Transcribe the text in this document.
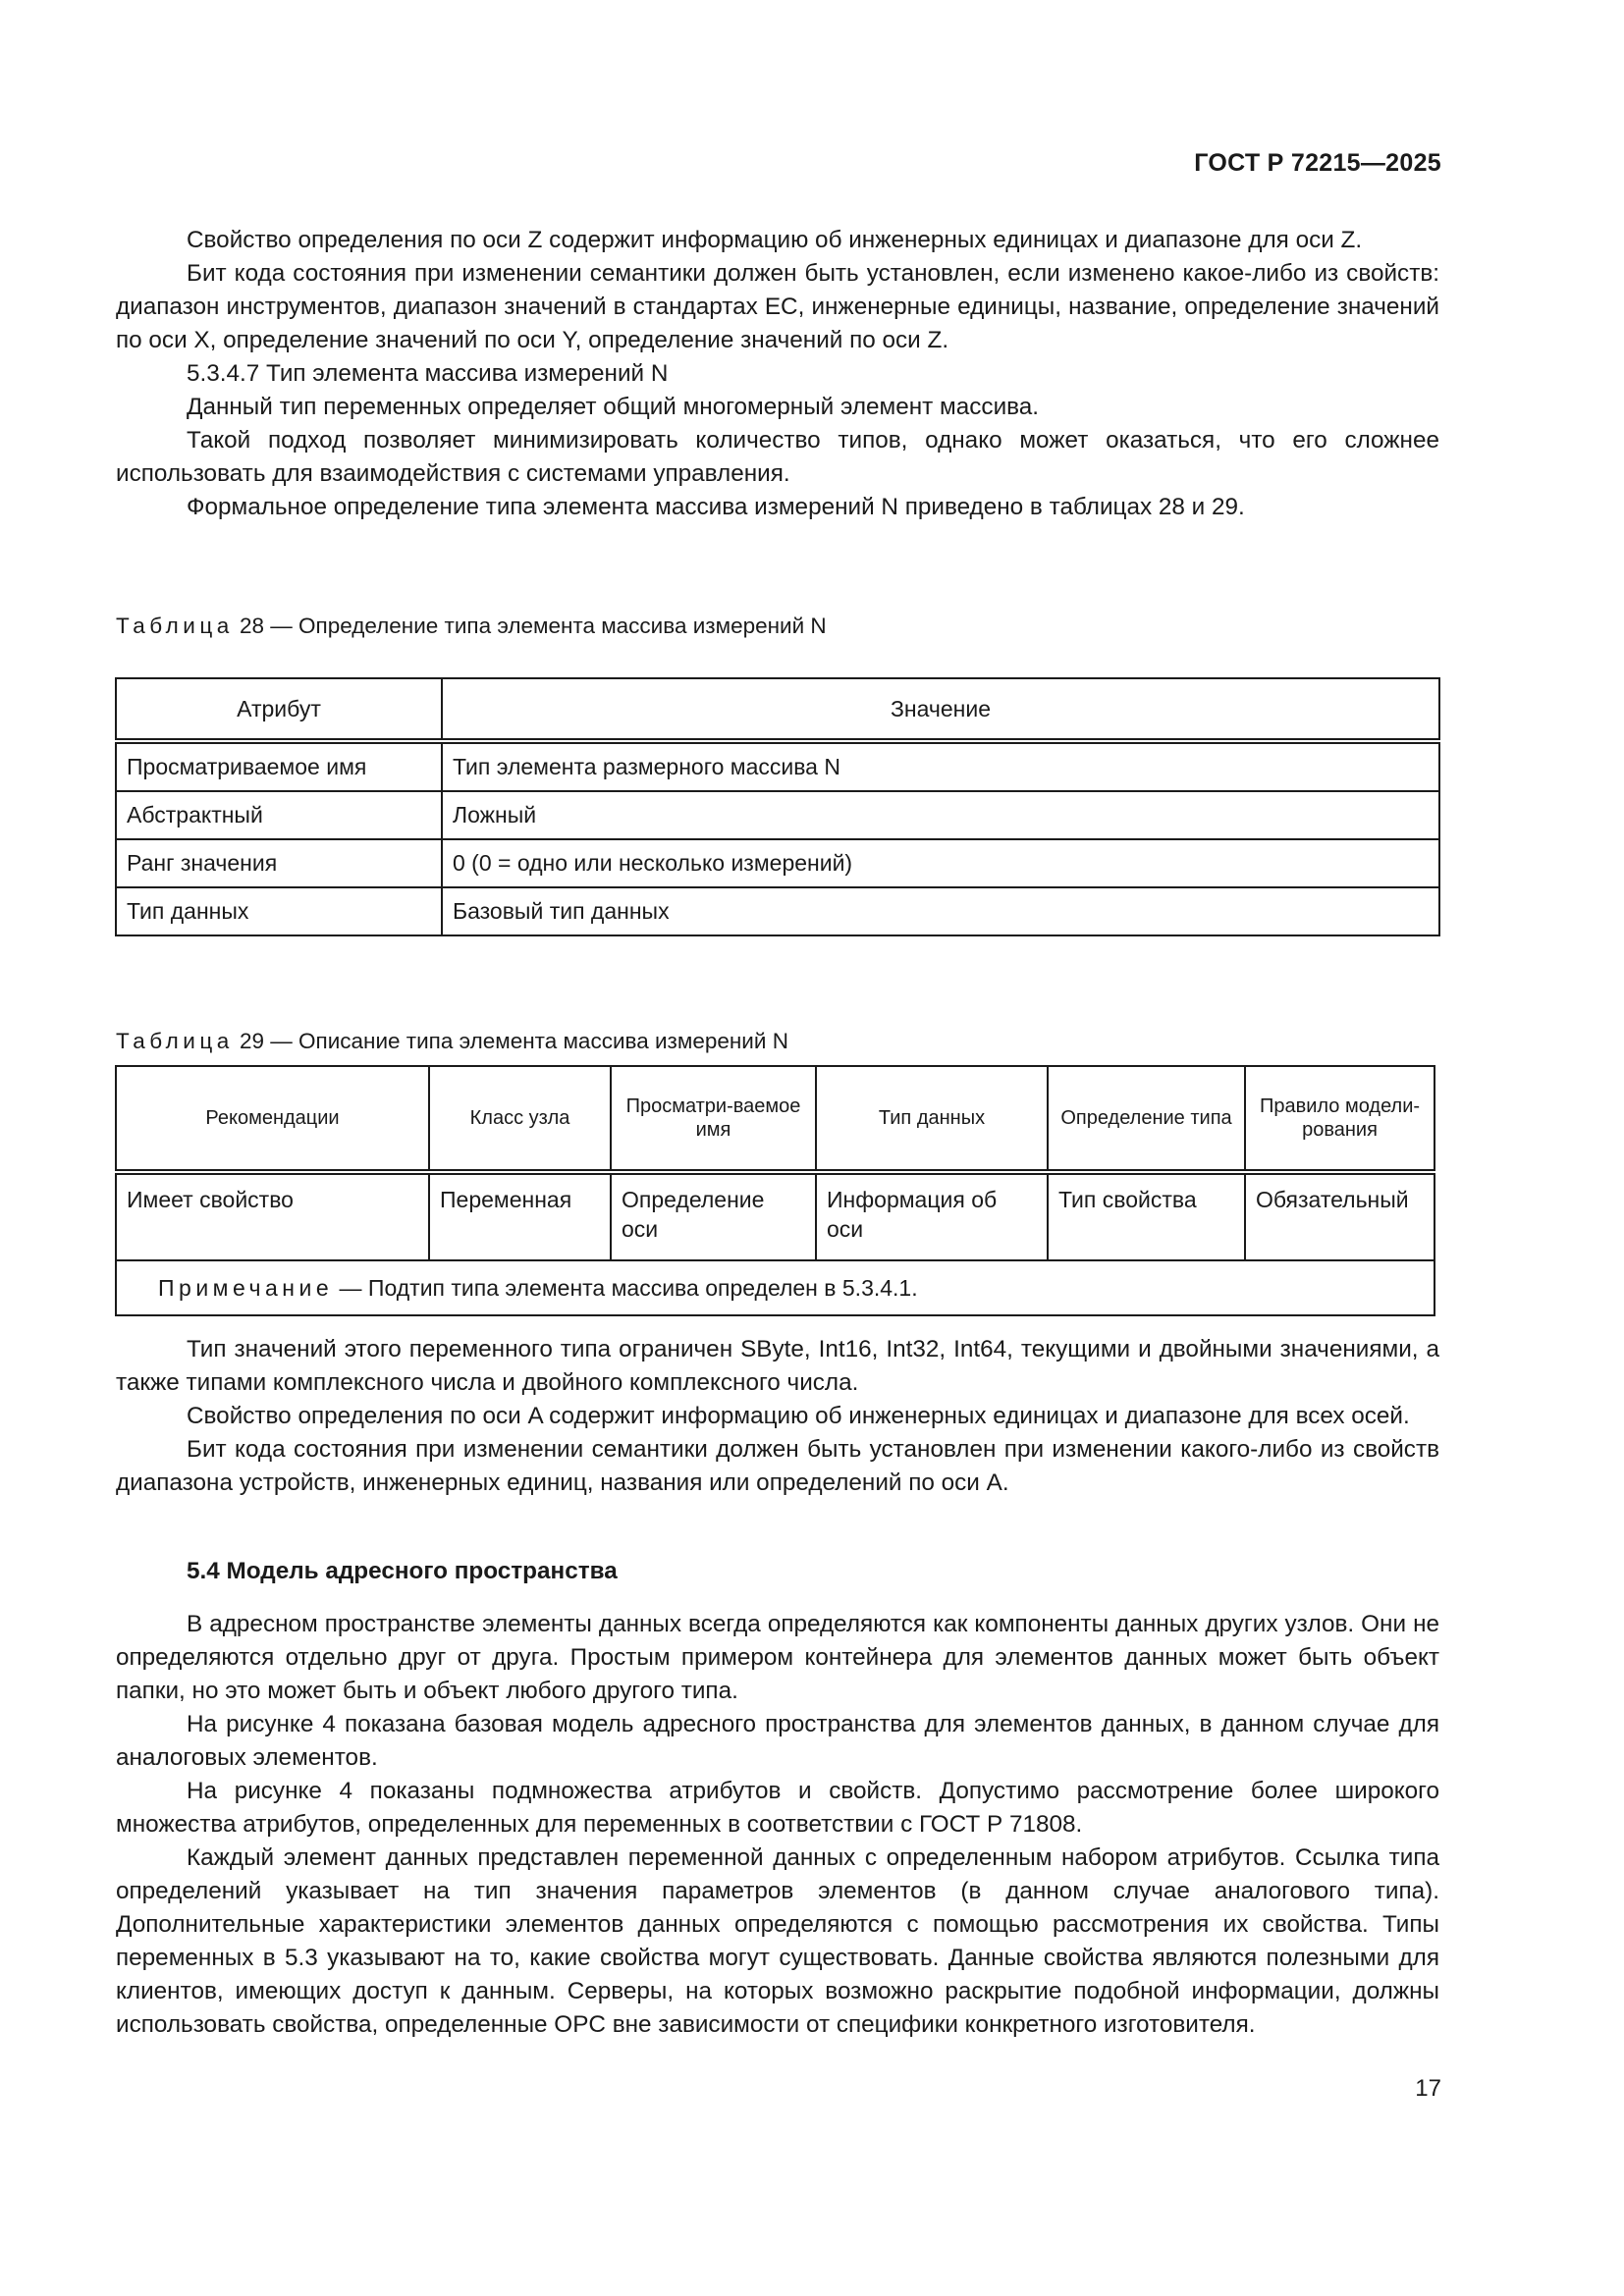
ГОСТ Р 72215—2025

Свойство определения по оси Z содержит информацию об инженерных единицах и диапазоне для оси Z.

Бит кода состояния при изменении семантики должен быть установлен, если изменено какое-либо из свойств: диапазон инструментов, диапазон значений в стандартах EC, инженерные единицы, название, определение значений по оси X, определение значений по оси Y, определение значений по оси Z.

5.3.4.7 Тип элемента массива измерений N

Данный тип переменных определяет общий многомерный элемент массива.

Такой подход позволяет минимизировать количество типов, однако может оказаться, что его сложнее использовать для взаимодействия с системами управления.

Формальное определение типа элемента массива измерений N приведено в таблицах 28 и 29.

Таблица 28 — Определение типа элемента массива измерений N
Атрибут	Значение
Просматриваемое имя	Тип элемента размерного массива N
Абстрактный	Ложный
Ранг значения	0 (0 = одно или несколько измерений)
Тип данных	Базовый тип данных
Таблица 29 — Описание типа элемента массива измерений N
Рекомендации	Класс узла	Просматри-ваемое имя	Тип данных	Определение типа	Правило модели-рования
Имеет свойство	Переменная	Определение оси	Информация об оси	Тип свойства	Обязательный
Примечание — Подтип типа элемента массива определен в 5.3.4.1.					

Тип значений этого переменного типа ограничен SByte, Int16, Int32, Int64, текущими и двойными значениями, а также типами комплексного числа и двойного комплексного числа.

Свойство определения по оси A содержит информацию об инженерных единицах и диапазоне для всех осей.

Бит кода состояния при изменении семантики должен быть установлен при изменении какого-либо из свойств диапазона устройств, инженерных единиц, названия или определений по оси A.

5.4 Модель адресного пространства

В адресном пространстве элементы данных всегда определяются как компоненты данных других узлов. Они не определяются отдельно друг от друга. Простым примером контейнера для элементов данных может быть объект папки, но это может быть и объект любого другого типа.

На рисунке 4 показана базовая модель адресного пространства для элементов данных, в данном случае для аналоговых элементов.

На рисунке 4 показаны подмножества атрибутов и свойств. Допустимо рассмотрение более широкого множества атрибутов, определенных для переменных в соответствии с ГОСТ Р 71808.

Каждый элемент данных представлен переменной данных с определенным набором атрибутов. Ссылка типа определений указывает на тип значения параметров элементов (в данном случае аналогового типа). Дополнительные характеристики элементов данных определяются с помощью рассмотрения их свойства. Типы переменных в 5.3 указывают на то, какие свойства могут существовать. Данные свойства являются полезными для клиентов, имеющих доступ к данным. Серверы, на которых возможно раскрытие подобной информации, должны использовать свойства, определенные OPC вне зависимости от специфики конкретного изготовителя.

17
